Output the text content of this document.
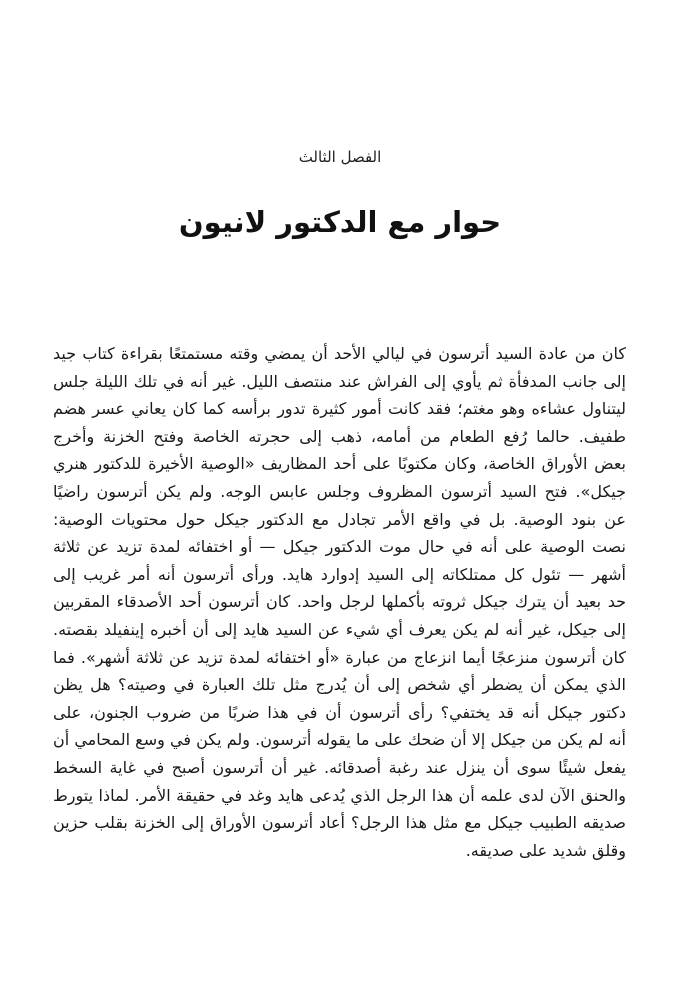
الفصل الثالث
حوار مع الدكتور لانيون
كان من عادة السيد أترسون في ليالي الأحد أن يمضي وقته مستمتعًا بقراءة كتاب جيد
إلى جانب المدفأة ثم يأوي إلى الفراش عند منتصف الليل. غير أنه في تلك الليلة جلس
ليتناول عشاءه وهو مغتم؛ فقد كانت أمور كثيرة تدور برأسه كما كان يعاني عسر هضم
طفيف. حالما رُفع الطعام من أمامه، ذهب إلى حجرته الخاصة وفتح الخزنة وأخرج
بعض الأوراق الخاصة، وكان مكتوبًا على أحد المظاريف «الوصية الأخيرة للدكتور هنري
جيكل». فتح السيد أترسون المظروف وجلس عابس الوجه. ولم يكن أترسون راضيًا
عن بنود الوصية. بل في واقع الأمر تجادل مع الدكتور جيكل حول محتويات الوصية:
نصت الوصية على أنه في حال موت الدكتور جيكل — أو اختفائه لمدة تزيد عن ثلاثة
أشهر — تئول كل ممتلكاته إلى السيد إدوارد هايد. ورأى أترسون أنه أمر غريب إلى
حد بعيد أن يترك جيكل ثروته بأكملها لرجل واحد. كان أترسون أحد الأصدقاء المقربين
إلى جيكل، غير أنه لم يكن يعرف أي شيء عن السيد هايد إلى أن أخبره إينفيلد بقصته.
كان أترسون منزعجًا أيما انزعاج من عبارة «أو اختفائه لمدة تزيد عن ثلاثة أشهر». فما
الذي يمكن أن يضطر أي شخص إلى أن يُدرج مثل تلك العبارة في وصيته؟ هل يظن
دكتور جيكل أنه قد يختفي؟ رأى أترسون أن في هذا ضربًا من ضروب الجنون، على
أنه لم يكن من جيكل إلا أن ضحك على ما يقوله أترسون. ولم يكن في وسع المحامي أن
يفعل شيئًا سوى أن ينزل عند رغبة أصدقائه. غير أن أترسون أصبح في غاية السخط
والحنق الآن لدى علمه أن هذا الرجل الذي يُدعى هايد وغد في حقيقة الأمر. لماذا يتورط
صديقه الطبيب جيكل مع مثل هذا الرجل؟ أعاد أترسون الأوراق إلى الخزنة بقلب حزين
وقلق شديد على صديقه.
